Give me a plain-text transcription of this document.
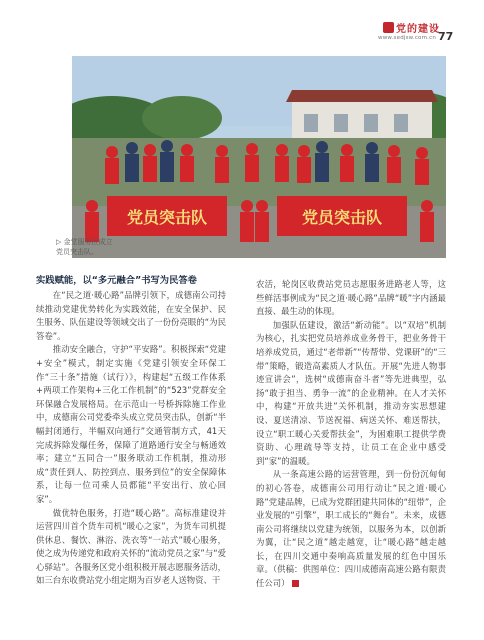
党的建设
www.sedjsw.com.cn 77
党员突击队	党员突击队
▷ 金堂服务区成立党员突击队。
实践赋能，以“多元融合”书写为民答卷

在“民之道·暖心路”品牌引领下，成德南公司持续推动党建优势转化为实践效能，在安全保护、民生服务、队伍建设等领域交出了一份份亮眼的“为民答卷”。

推动安全融合，守护“平安路”。积极探索“党建+安全”模式，制定实施《党建引领安全环保工作“三十条”措施（试行）》，构建起“五级工作体系+两项工作架构+三化工作机制”的“523”党群安全环保融合发展格局。在示范山一号桥拆除施工作业中，成德南公司党委牵头成立党员突击队，创新“半幅封闭通行，半幅双向通行”交通管制方式，41天完成拆除发爆任务，保障了道路通行安全与畅通效率；建立“五同合一”服务联动工作机制，推动形成“责任到人、防控到点、服务到位”的安全保障体系，让每一位司乘人员都能“平安出行、放心回家”。

做优特色服务，打造“暖心路”。高标准建设并运营四川首个货车司机“暖心之家”，为货车司机提供休息、餐饮、淋浴、洗衣等“一站式”暖心服务，使之成为传递党和政府关怀的“流动党员之家”与“爱心驿站”。各服务区党小组积极开展志愿服务活动，如三台东收费站党小组定期为百岁老人送物资、干

农活，轮岗区收费站党员志愿服务进路老人等，这些鲜活事例成为“民之道·暖心路”品牌“暖”字内涵最直接、最生动的体现。

加强队伍建设，激活“新动能”。以“双培”机制为核心，扎实把党员培养成业务骨干，把业务骨干培养成党员，通过“老带新”“传帮带、党课研”的“三带”策略，锻造高素质人才队伍。开展“先进人物事迹宣讲会”，选树“成德南奋斗者”等先进典型，弘扬“敢于担当、勇争一流”的企业精神。在人才关怀中，构建“开放共进”关怀机制，推动夯实思想建设、夏送清凉、节送祝福、病送关怀、难送帮扶，设立“职工暖心关爱帮扶金”，为困难职工提供学费资助、心理疏导等支持，让员工在企业中感受到“家”的温暖。

从一条高速公路的运营管理，到一份份沉甸甸的初心答卷，成德南公司用行动让“民之道·暖心路”党建品牌，已成为党群团建共同体的“纽带”，企业发展的“引擎”，职工成长的“舞台”。未来，成德南公司将继续以党建为统领，以服务为本，以创新为翼，让“民之道”越走越宽，让“暖心路”越走越长，在四川交通中奏响高质量发展的红色中国乐章。（供稿：供图单位：四川成德南高速公路有限责任公司）
